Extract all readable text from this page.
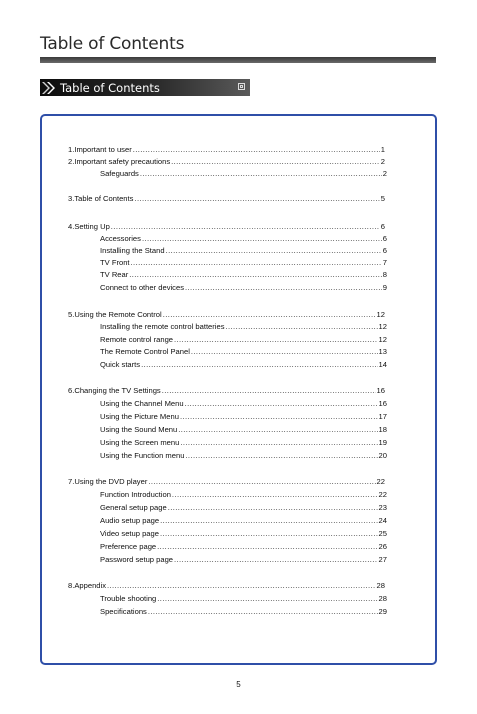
Table of Contents
Table of Contents
1.Important to user .....	1
2.Important safety precautions .....	2
Safeguards .....	2
3.Table of Contents .....	5
4.Setting Up .....	6
Accessories .....	6
Installing the Stand .....	6
TV Front .....	7
TV Rear .....	8
Connect to other devices .....	9
5.Using the Remote Control .....	12
Installing the remote control batteries .....	12
Remote control range .....	12
The Remote Control Panel .....	13
Quick starts .....	14
6.Changing the TV Settings .....	16
Using the Channel Menu .....	16
Using the Picture Menu .....	17
Using the Sound Menu .....	18
Using the Screen menu .....	19
Using the Function menu .....	20
7.Using the DVD player .....	22
Function Introduction .....	22
General setup page .....	23
Audio setup page .....	24
Video setup page .....	25
Preference page .....	26
Password setup page .....	27
8.Appendix .....	28
Trouble shooting .....	28
Specifications .....	29
5
